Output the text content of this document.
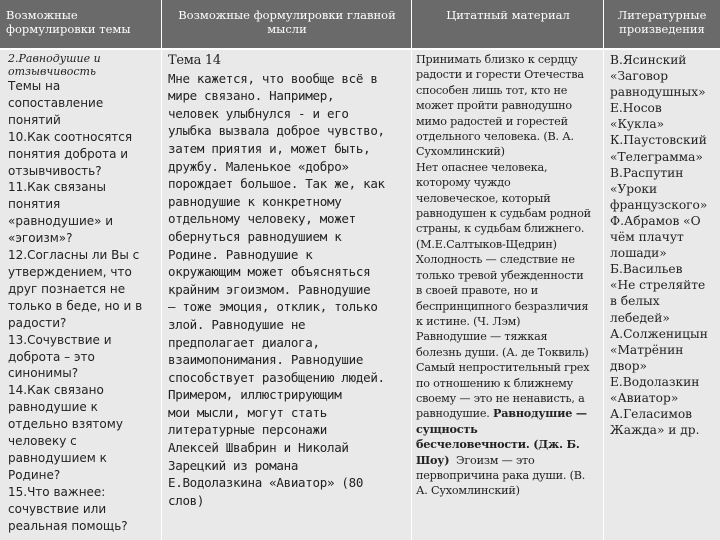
Возможные
формулировки темы
Возможные формулировки главной
мысли
Цитатный материал	Литературные
произведения
2.Равнодушие и
отзывчивость
Темы на
сопоставление
понятий
10.Как соотносятся
понятия доброта и
отзывчивость?
11.Как связаны
понятия
«равнодушие» и
«эгоизм»?
12.Согласны ли Вы с
утверждением, что
друг познается не
только в беде, но и в
радости?
13.Сочувствие и
доброта – это
синонимы?
14.Как связано
равнодушие к
отдельно взятому
человеку с
равнодушием к
Родине?
15.Что важнее:
сочувствие или
реальная помощь?
Тема 14
Мне кажется, что вообще всё в
мире связано. Например,
человек улыбнулся - и его
улыбка вызвала доброе чувство,
затем приятия и, может быть,
дружбу. Маленькое «добро»
порождает большое. Так же, как
равнодушие к конкретному
отдельному человеку, может
обернуться равнодушием к
Родине. Равнодушие к
окружающим может объясняться
крайним эгоизмом. Равнодушие
– тоже эмоция, отклик, только
злой. Равнодушие не
предполагает диалога,
взаимопонимания. Равнодушие
способствует разобщению людей.
Примером, иллюстрирующим
мои мысли, могут стать
литературные персонажи
Алексей Швабрин и Николай
Зарецкий из романа
Е.Водолазкина «Авиатор» (80
слов)
Принимать близко к сердцу
радости и горести Отечества
способен лишь тот, кто не
может пройти равнодушно
мимо радостей и горестей
отдельного человека. (В. А.
Сухомлинский)
Нет опаснее человека,
которому чуждо
человеческое, который
равнодушен к судьбам родной
страны, к судьбам ближнего.
(М.Е.Салтыков-Щедрин)
Холодность — следствие не
только тревой убежденности
в своей правоте, но и
беспринципного безразличия
к истине. (Ч. Лэм)
Равнодушие — тяжкая
болезнь души. (А. де Токвиль)
Самый непростительный грех
по отношению к ближнему
своему — это не ненависть, а
равнодушие. Равнодушие —
сущность
бесчеловечности. (Дж. Б.
Шоу)  Эгоизм — это
первопричина рака души. (В.
А. Сухомлинский)
В.Ясинский
«Заговор
равнодушных»
Е.Носов
«Кукла»
К.Паустовский
«Телеграмма»
В.Распутин
«Уроки
французского»
Ф.Абрамов «О
чём плачут
лошади»
Б.Васильев
«Не стреляйте
в белых
лебедей»
А.Солженицын
«Матрёнин
двор»
Е.Водолазкин
«Авиатор»
А.Геласимов
Жажда» и др.
